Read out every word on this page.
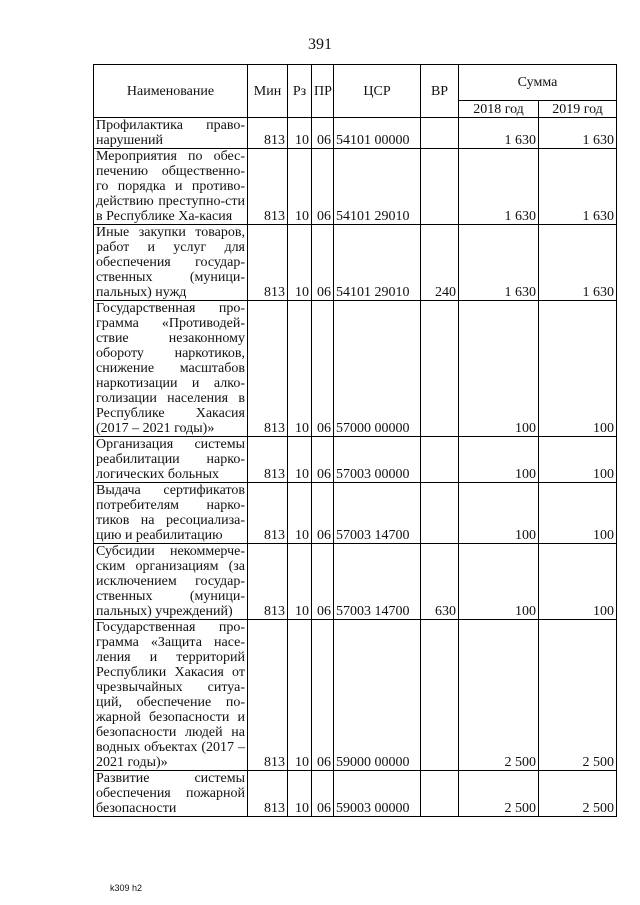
391
Наименование	Мин	Рз	ПР	ЦСР	ВР	Сумма	
						2018 год	2019 год
Профилактика право-нарушений	813	10	06	54101 00000		1 630	1 630
Мероприятия по обес-печению общественно-го порядка и противо-действию преступно-сти в Республике Ха-касия	813	10	06	54101 29010		1 630	1 630
Иные закупки товаров, работ и услуг для обеспечения государ-ственных (муници-пальных) нужд	813	10	06	54101 29010	240	1 630	1 630
Государственная про-грамма «Противодей-ствие незаконному обороту наркотиков, снижение масштабов наркотизации и алко-голизации населения в Республике Хакасия (2017 – 2021 годы)»	813	10	06	57000 00000		100	100
Организация системы реабилитации нарко-логических больных	813	10	06	57003 00000		100	100
Выдача сертификатов потребителям нарко-тиков на ресоциализа-цию и реабилитацию	813	10	06	57003 14700		100	100
Субсидии некоммерче-ским организациям (за исключением государ-ственных (муници-пальных) учреждений)	813	10	06	57003 14700	630	100	100
Государственная про-грамма «Защита насе-ления и территорий Республики Хакасия от чрезвычайных ситуа-ций, обеспечение по-жарной безопасности и безопасности людей на водных объектах (2017 – 2021 годы)»	813	10	06	59000 00000		2 500	2 500
Развитие системы обеспечения пожарной безопасности	813	10	06	59003 00000		2 500	2 500
k309 h2
